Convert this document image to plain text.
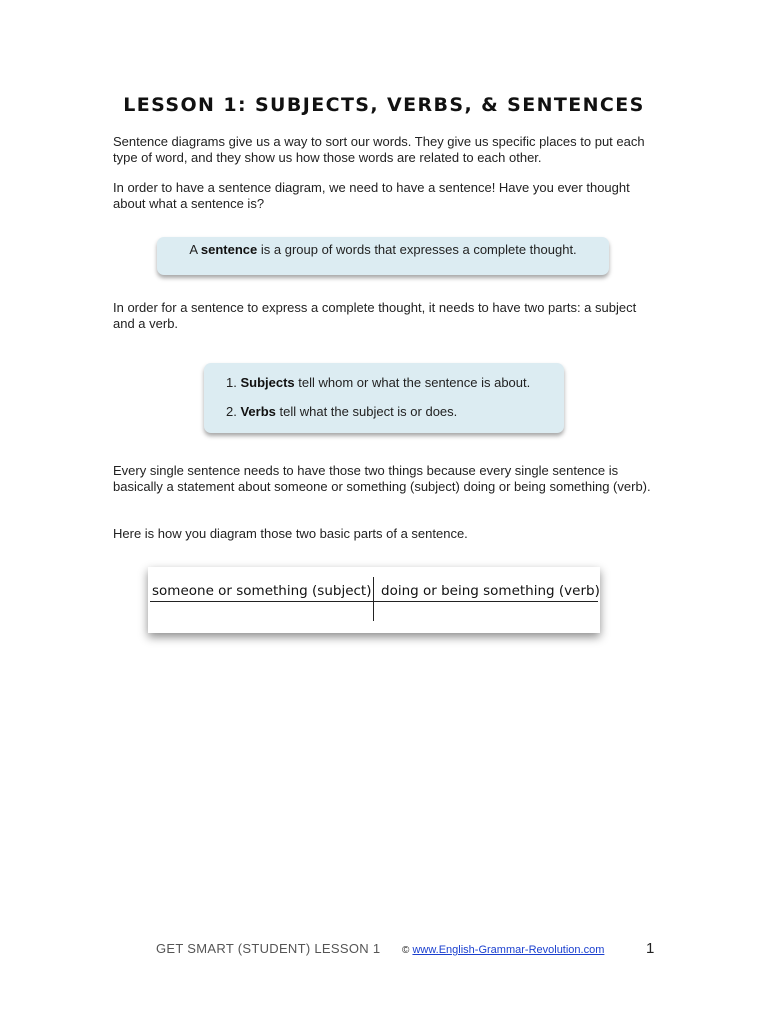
LESSON 1: SUBJECTS, VERBS, & SENTENCES

Sentence diagrams give us a way to sort our words. They give us specific places to put each type of word, and they show us how those words are related to each other.

In order to have a sentence diagram, we need to have a sentence! Have you ever thought about what a sentence is?

A sentence is a group of words that expresses a complete thought.

In order for a sentence to express a complete thought, it needs to have two parts: a subject and a verb.

1. Subjects tell whom or what the sentence is about.
2. Verbs tell what the subject is or does.

Every single sentence needs to have those two things because every single sentence is basically a statement about someone or something (subject) doing or being something (verb).

Here is how you diagram those two basic parts of a sentence.

someone or something (subject) doing or being something (verb)
GET SMART (STUDENT) LESSON 1 © www.English-Grammar-Revolution.com	1
